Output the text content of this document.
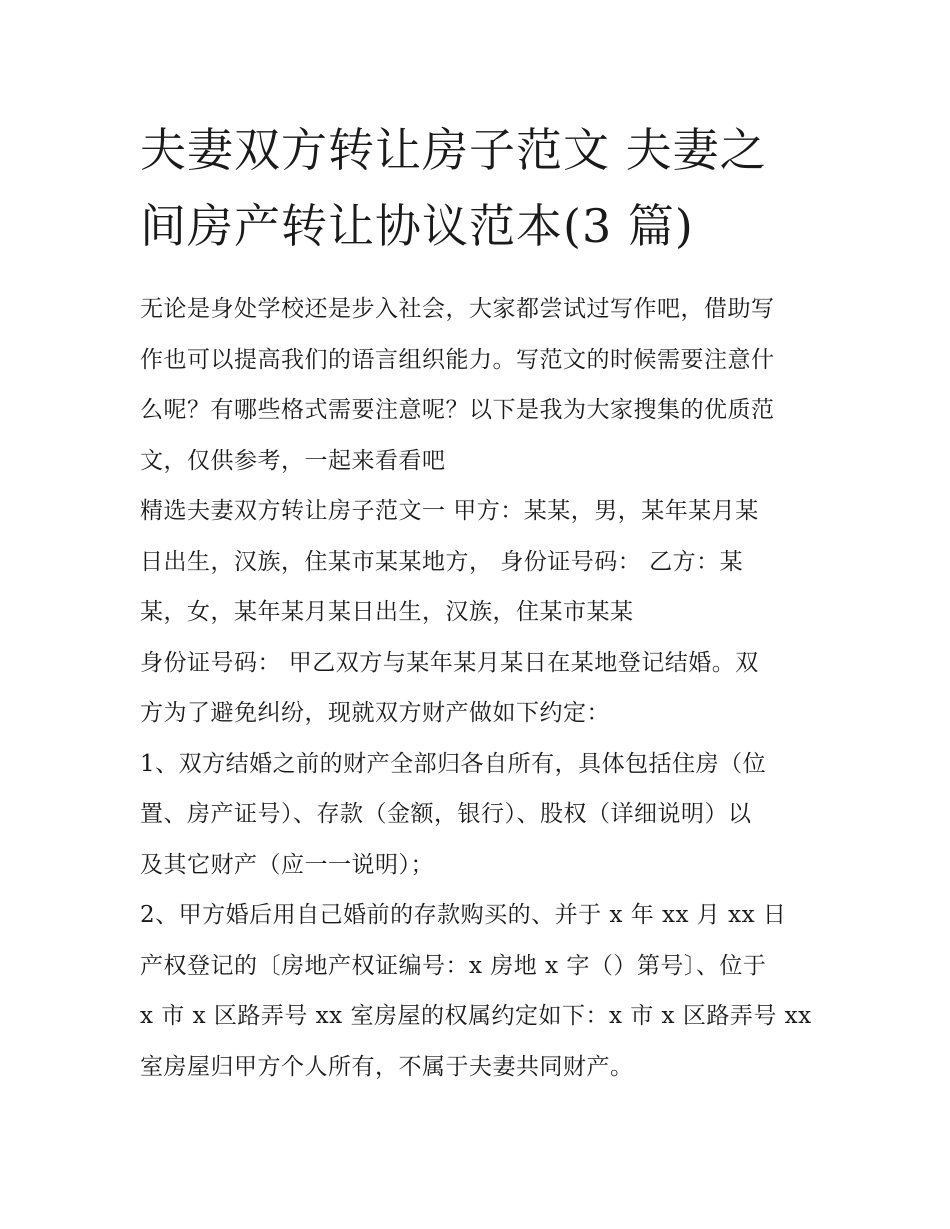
夫妻双方转让房子范文 夫妻之
间房产转让协议范本(3 篇)

无论是身处学校还是步入社会，大家都尝试过写作吧，借助写
作也可以提高我们的语言组织能力。写范文的时候需要注意什
么呢？有哪些格式需要注意呢？以下是我为大家搜集的优质范
文，仅供参考，一起来看看吧

精选夫妻双方转让房子范文一 甲方：某某，男，某年某月某
日出生，汉族，住某市某某地方， 身份证号码： 乙方：某
某，女，某年某月某日出生，汉族，住某市某某

身份证号码： 甲乙双方与某年某月某日在某地登记结婚。双
方为了避免纠纷，现就双方财产做如下约定：

1、双方结婚之前的财产全部归各自所有，具体包括住房（位
置、房产证号）、存款（金额，银行）、股权（详细说明）以
及其它财产（应一一说明）；

2、甲方婚后用自己婚前的存款购买的、并于 x 年 xx 月 xx 日
产权登记的〔房地产权证编号：x 房地 x 字（）第号〕、位于
x 市 x 区路弄号 xx 室房屋的权属约定如下：x 市 x 区路弄号 xx
室房屋归甲方个人所有，不属于夫妻共同财产。
